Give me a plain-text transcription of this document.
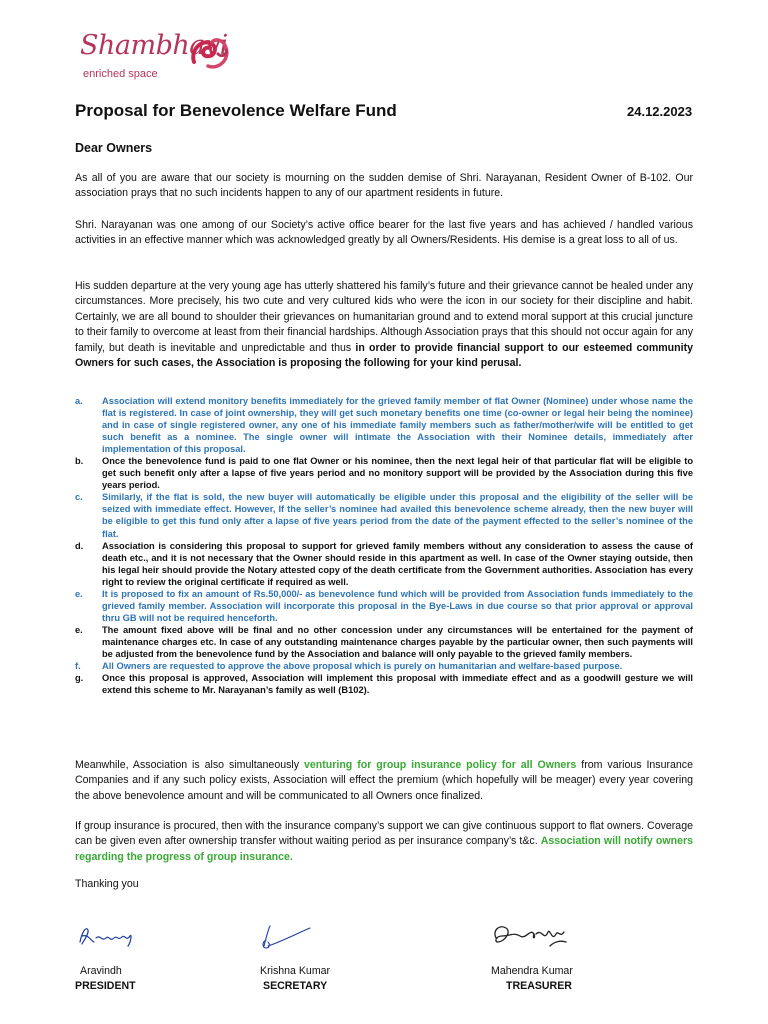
Shambhavi
enriched space
Proposal for Benevolence Welfare Fund	24.12.2023
Dear Owners
As all of you are aware that our society is mourning on the sudden demise of Shri. Narayanan, Resident Owner of B-102. Our association prays that no such incidents happen to any of our apartment residents in future.
Shri. Narayanan was one among of our Society’s active office bearer for the last five years and has achieved / handled various activities in an effective manner which was acknowledged greatly by all Owners/Residents. His demise is a great loss to all of us.
His sudden departure at the very young age has utterly shattered his family’s future and their grievance cannot be healed under any circumstances. More precisely, his two cute and very cultured kids who were the icon in our society for their discipline and habit. Certainly, we are all bound to shoulder their grievances on humanitarian ground and to extend moral support at this crucial juncture to their family to overcome at least from their financial hardships. Although Association prays that this should not occur again for any family, but death is inevitable and unpredictable and thus in order to provide financial support to our esteemed community Owners for such cases, the Association is proposing the following for your kind perusal.
a. Association will extend monitory benefits immediately for the grieved family member of flat Owner (Nominee) under whose name the flat is registered. In case of joint ownership, they will get such monetary benefits one time (co-owner or legal heir being the nominee) and in case of single registered owner, any one of his immediate family members such as father/mother/wife will be entitled to get such benefit as a nominee. The single owner will intimate the Association with their Nominee details, immediately after implementation of this proposal.
b. Once the benevolence fund is paid to one flat Owner or his nominee, then the next legal heir of that particular flat will be eligible to get such benefit only after a lapse of five years period and no monitory support will be provided by the Association during this five years period.
c. Similarly, if the flat is sold, the new buyer will automatically be eligible under this proposal and the eligibility of the seller will be seized with immediate effect. However, If the seller’s nominee had availed this benevolence scheme already, then the new buyer will be eligible to get this fund only after a lapse of five years period from the date of the payment effected to the seller’s nominee of the flat.
d. Association is considering this proposal to support for grieved family members without any consideration to assess the cause of death etc., and it is not necessary that the Owner should reside in this apartment as well. In case of the Owner staying outside, then his legal heir should provide the Notary attested copy of the death certificate from the Government authorities. Association has every right to review the original certificate if required as well.
e. It is proposed to fix an amount of Rs.50,000/- as benevolence fund which will be provided from Association funds immediately to the grieved family member. Association will incorporate this proposal in the Bye-Laws in due course so that prior approval or approval thru GB will not be required henceforth.
e. The amount fixed above will be final and no other concession under any circumstances will be entertained for the payment of maintenance charges etc. In case of any outstanding maintenance charges payable by the particular owner, then such payments will be adjusted from the benevolence fund by the Association and balance will only payable to the grieved family members.
f. All Owners are requested to approve the above proposal which is purely on humanitarian and welfare-based purpose.
g. Once this proposal is approved, Association will implement this proposal with immediate effect and as a goodwill gesture we will extend this scheme to Mr. Narayanan’s family as well (B102).
Meanwhile, Association is also simultaneously venturing for group insurance policy for all Owners from various Insurance Companies and if any such policy exists, Association will effect the premium (which hopefully will be meager) every year covering the above benevolence amount and will be communicated to all Owners once finalized.
If group insurance is procured, then with the insurance company’s support we can give continuous support to flat owners. Coverage can be given even after ownership transfer without waiting period as per insurance company’s t&c. Association will notify owners regarding the progress of group insurance.
Thanking you
Aravindh
PRESIDENT
Krishna Kumar
SECRETARY
Mahendra Kumar
TREASURER
